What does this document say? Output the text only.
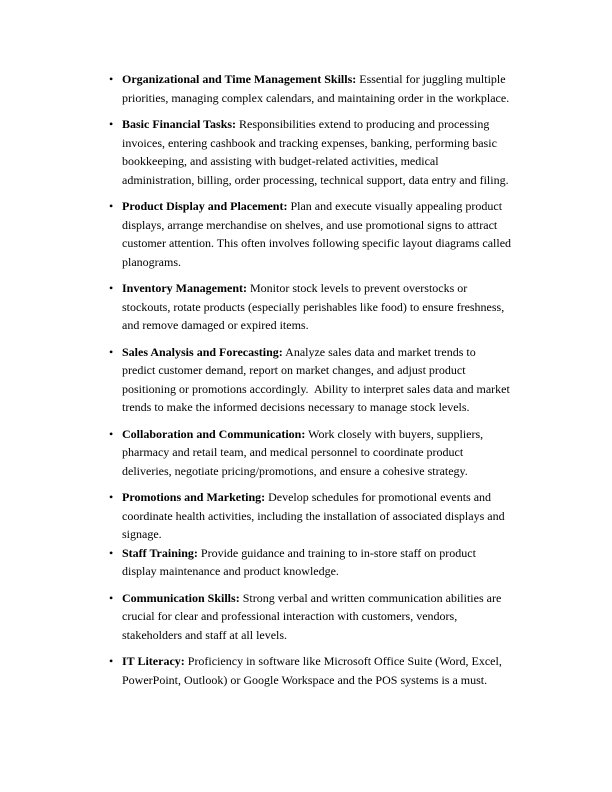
• Organizational and Time Management Skills: Essential for juggling multiple priorities, managing complex calendars, and maintaining order in the workplace.
• Basic Financial Tasks: Responsibilities extend to producing and processing invoices, entering cashbook and tracking expenses, banking, performing basic bookkeeping, and assisting with budget-related activities, medical administration, billing, order processing, technical support, data entry and filing.
• Product Display and Placement: Plan and execute visually appealing product displays, arrange merchandise on shelves, and use promotional signs to attract customer attention. This often involves following specific layout diagrams called planograms.
• Inventory Management: Monitor stock levels to prevent overstocks or stockouts, rotate products (especially perishables like food) to ensure freshness, and remove damaged or expired items.
• Sales Analysis and Forecasting: Analyze sales data and market trends to predict customer demand, report on market changes, and adjust product positioning or promotions accordingly.  Ability to interpret sales data and market trends to make the informed decisions necessary to manage stock levels.
• Collaboration and Communication: Work closely with buyers, suppliers, pharmacy and retail team, and medical personnel to coordinate product deliveries, negotiate pricing/promotions, and ensure a cohesive strategy.
• Promotions and Marketing: Develop schedules for promotional events and coordinate health activities, including the installation of associated displays and signage.
• Staff Training: Provide guidance and training to in-store staff on product display maintenance and product knowledge.
• Communication Skills: Strong verbal and written communication abilities are crucial for clear and professional interaction with customers, vendors, stakeholders and staff at all levels.
• IT Literacy: Proficiency in software like Microsoft Office Suite (Word, Excel, PowerPoint, Outlook) or Google Workspace and the POS systems is a must.
